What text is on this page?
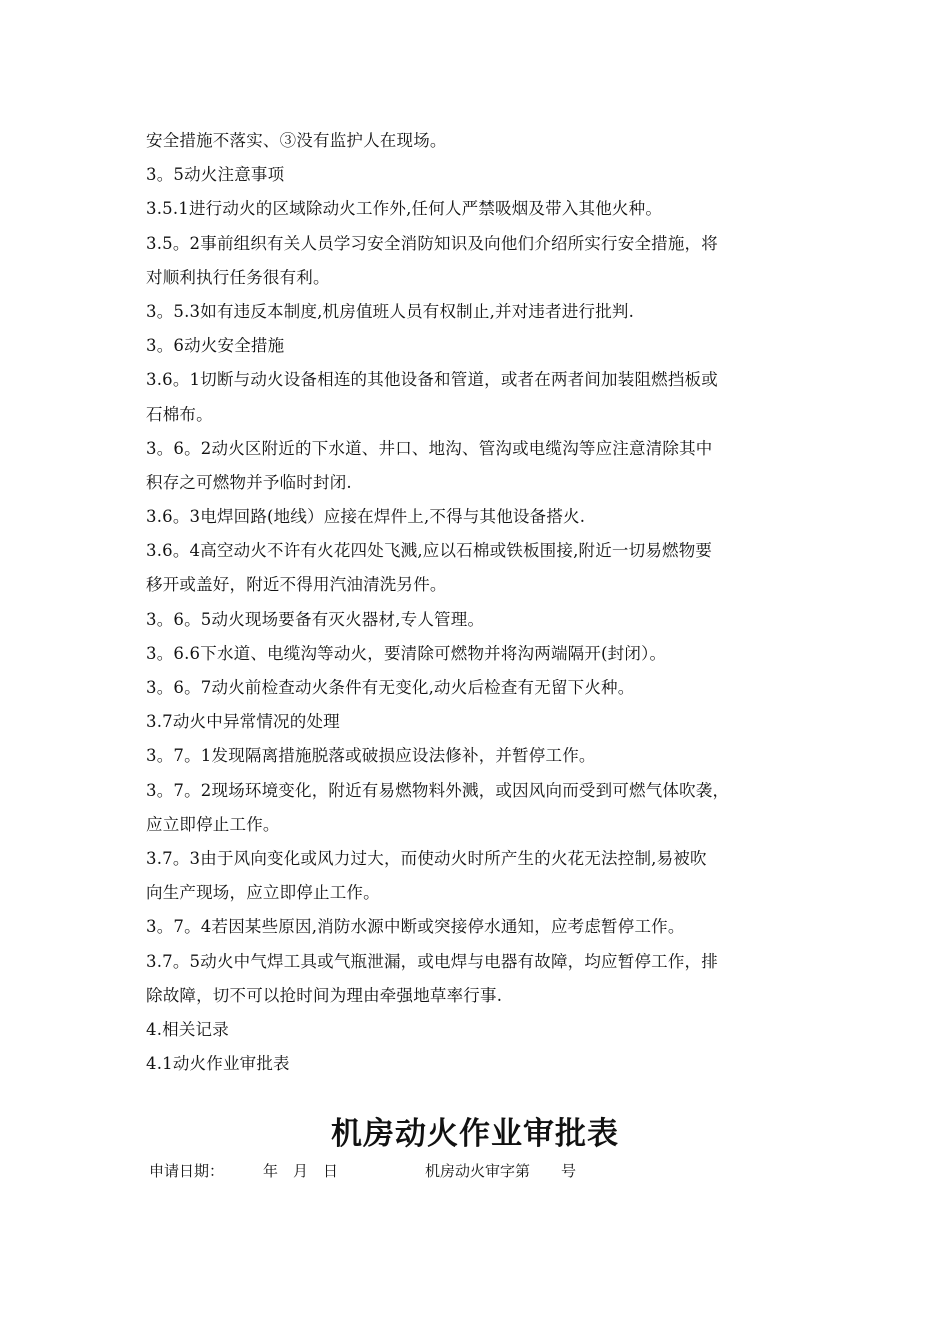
安全措施不落实、③没有监护人在现场。
3。5动火注意事项
3.5.1进行动火的区域除动火工作外,任何人严禁吸烟及带入其他火种。
3.5。2事前组织有关人员学习安全消防知识及向他们介绍所实行安全措施，将
对顺利执行任务很有利。
3。5.3如有违反本制度,机房值班人员有权制止,并对违者进行批判.
3。6动火安全措施
3.6。1切断与动火设备相连的其他设备和管道，或者在两者间加装阻燃挡板或
石棉布。
3。6。2动火区附近的下水道、井口、地沟、管沟或电缆沟等应注意清除其中
积存之可燃物并予临时封闭.
3.6。3电焊回路(地线）应接在焊件上,不得与其他设备搭火.
3.6。4高空动火不许有火花四处飞溅,应以石棉或铁板围接,附近一切易燃物要
移开或盖好，附近不得用汽油清洗另件。
3。6。5动火现场要备有灭火器材,专人管理。
3。6.6下水道、电缆沟等动火，要清除可燃物并将沟两端隔开(封闭）。
3。6。7动火前检查动火条件有无变化,动火后检查有无留下火种。
3.7动火中异常情况的处理
3。7。1发现隔离措施脱落或破损应设法修补，并暂停工作。
3。7。2现场环境变化，附近有易燃物料外溅，或因风向而受到可燃气体吹袭，
应立即停止工作。
3.7。3由于风向变化或风力过大，而使动火时所产生的火花无法控制,易被吹
向生产现场，应立即停止工作。
3。7。4若因某些原因,消防水源中断或突接停水通知，应考虑暂停工作。
3.7。5动火中气焊工具或气瓶泄漏，或电焊与电器有故障，均应暂停工作，排
除故障，切不可以抢时间为理由牵强地草率行事.
4.相关记录
4.1动火作业审批表
机房动火作业审批表
申请日期：	年 月 日	机房动火审字第 号
